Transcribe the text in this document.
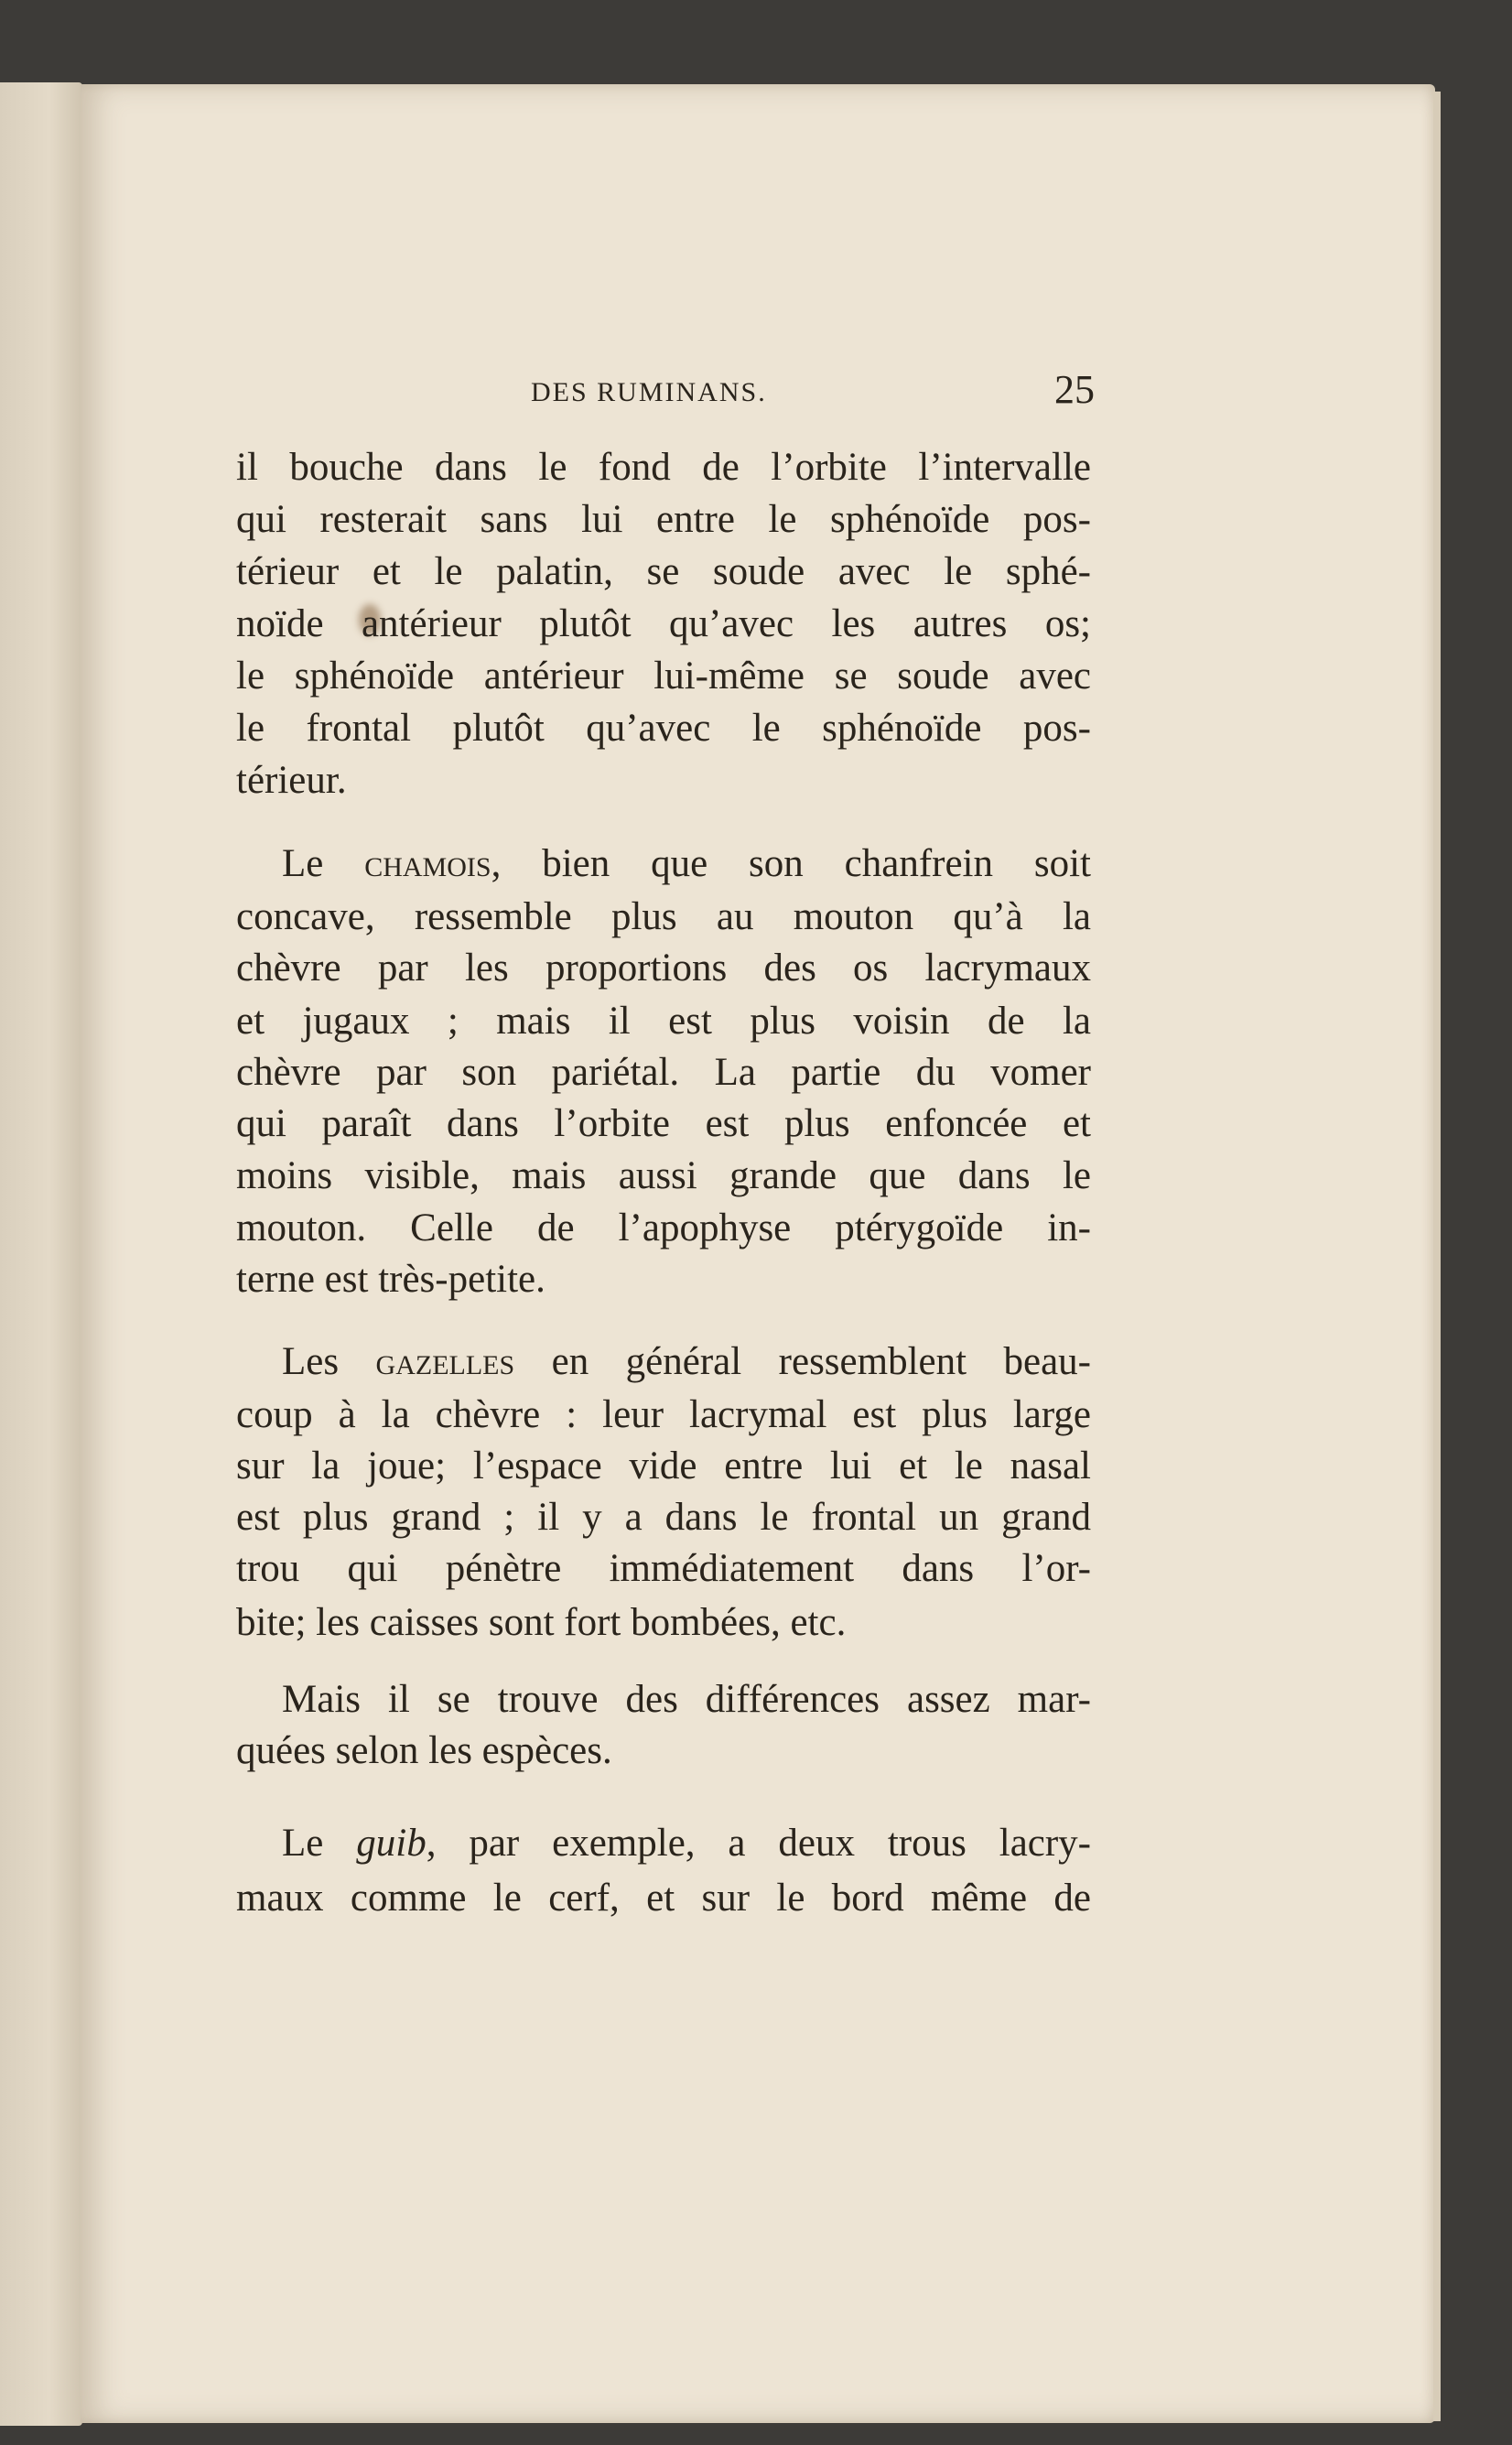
DES RUMINANS.	25
il bouche dans le fond de l’orbite l’intervalle
qui resterait sans lui entre le sphénoïde pos-
térieur et le palatin, se soude avec le sphé-
noïde antérieur plutôt qu’avec les autres os;
le sphénoïde antérieur lui-même se soude avec
le frontal plutôt qu’avec le sphénoïde pos-
térieur.
Le chamois, bien que son chanfrein soit
concave, ressemble plus au mouton qu’à la
chèvre par les proportions des os lacrymaux
et jugaux ; mais il est plus voisin de la
chèvre par son pariétal. La partie du vomer
qui paraît dans l’orbite est plus enfoncée et
moins visible, mais aussi grande que dans le
mouton. Celle de l’apophyse ptérygoïde in-
terne est très-petite.
Les gazelles en général ressemblent beau-
coup à la chèvre : leur lacrymal est plus large
sur la joue; l’espace vide entre lui et le nasal
est plus grand ; il y a dans le frontal un grand
trou qui pénètre immédiatement dans l’or-
bite; les caisses sont fort bombées, etc.
Mais il se trouve des différences assez mar-
quées selon les espèces.
Le guib, par exemple, a deux trous lacry-
maux comme le cerf, et sur le bord même de
